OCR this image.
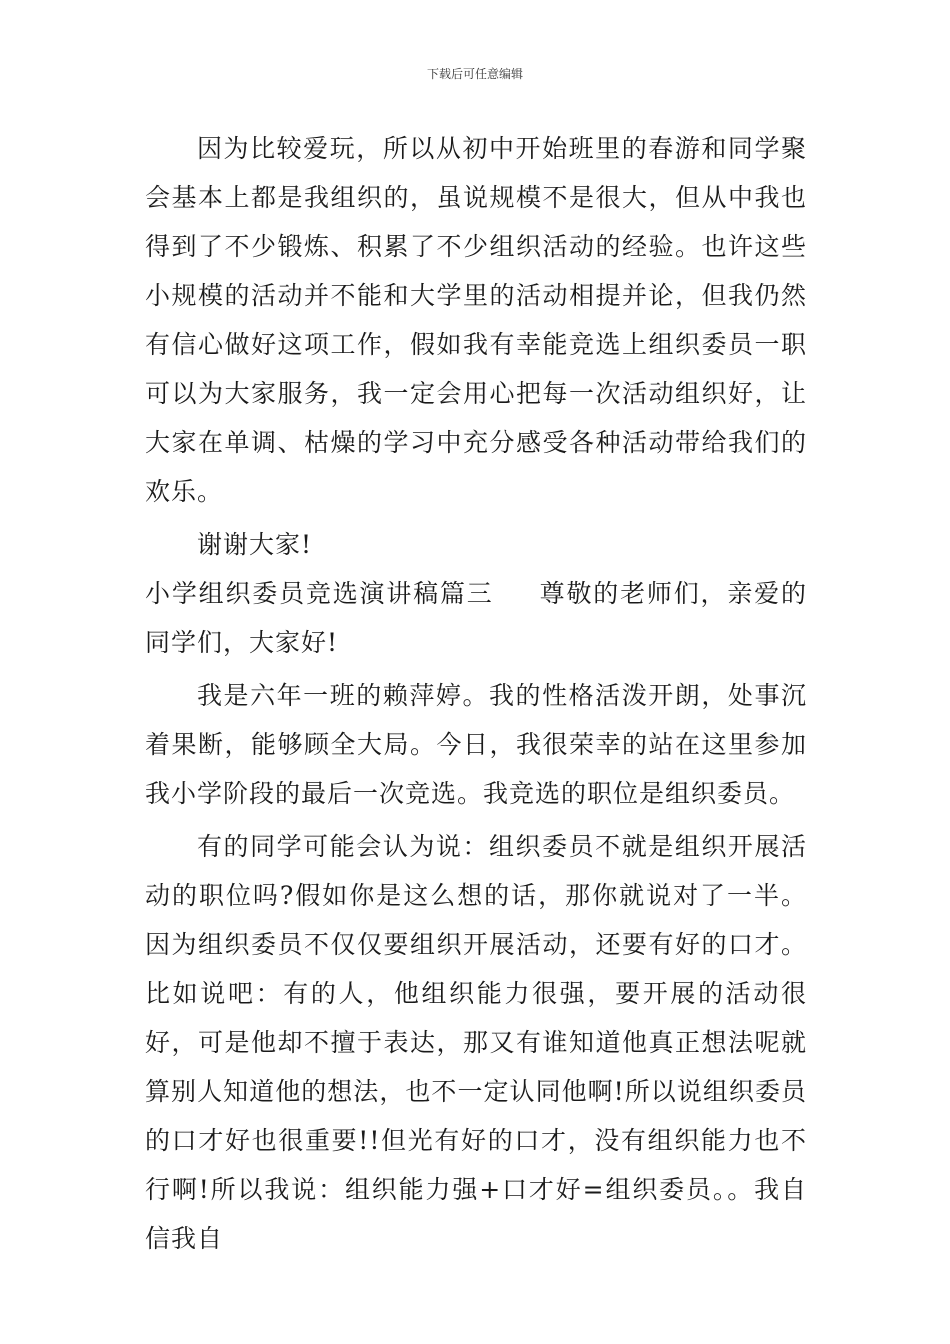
下载后可任意编辑

因为比较爱玩，所以从初中开始班里的春游和同学聚会基本上都是我组织的，虽说规模不是很大，但从中我也得到了不少锻炼、积累了不少组织活动的经验。也许这些小规模的活动并不能和大学里的活动相提并论，但我仍然有信心做好这项工作，假如我有幸能竞选上组织委员一职可以为大家服务，我一定会用心把每一次活动组织好，让大家在单调、枯燥的学习中充分感受各种活动带给我们的欢乐。

谢谢大家!

小学组织委员竞选演讲稿篇三 尊敬的老师们，亲爱的同学们，大家好!

我是六年一班的赖萍婷。我的性格活泼开朗，处事沉着果断，能够顾全大局。今日，我很荣幸的站在这里参加我小学阶段的最后一次竞选。我竞选的职位是组织委员。

有的同学可能会认为说：组织委员不就是组织开展活动的职位吗?假如你是这么想的话，那你就说对了一半。因为组织委员不仅仅要组织开展活动，还要有好的口才。比如说吧：有的人，他组织能力很强，要开展的活动很好，可是他却不擅于表达，那又有谁知道他真正想法呢就算别人知道他的想法，也不一定认同他啊!所以说组织委员的口才好也很重要!!但光有好的口才，没有组织能力也不行啊!所以我说：组织能力强+口才好=组织委员。。我自信我自
